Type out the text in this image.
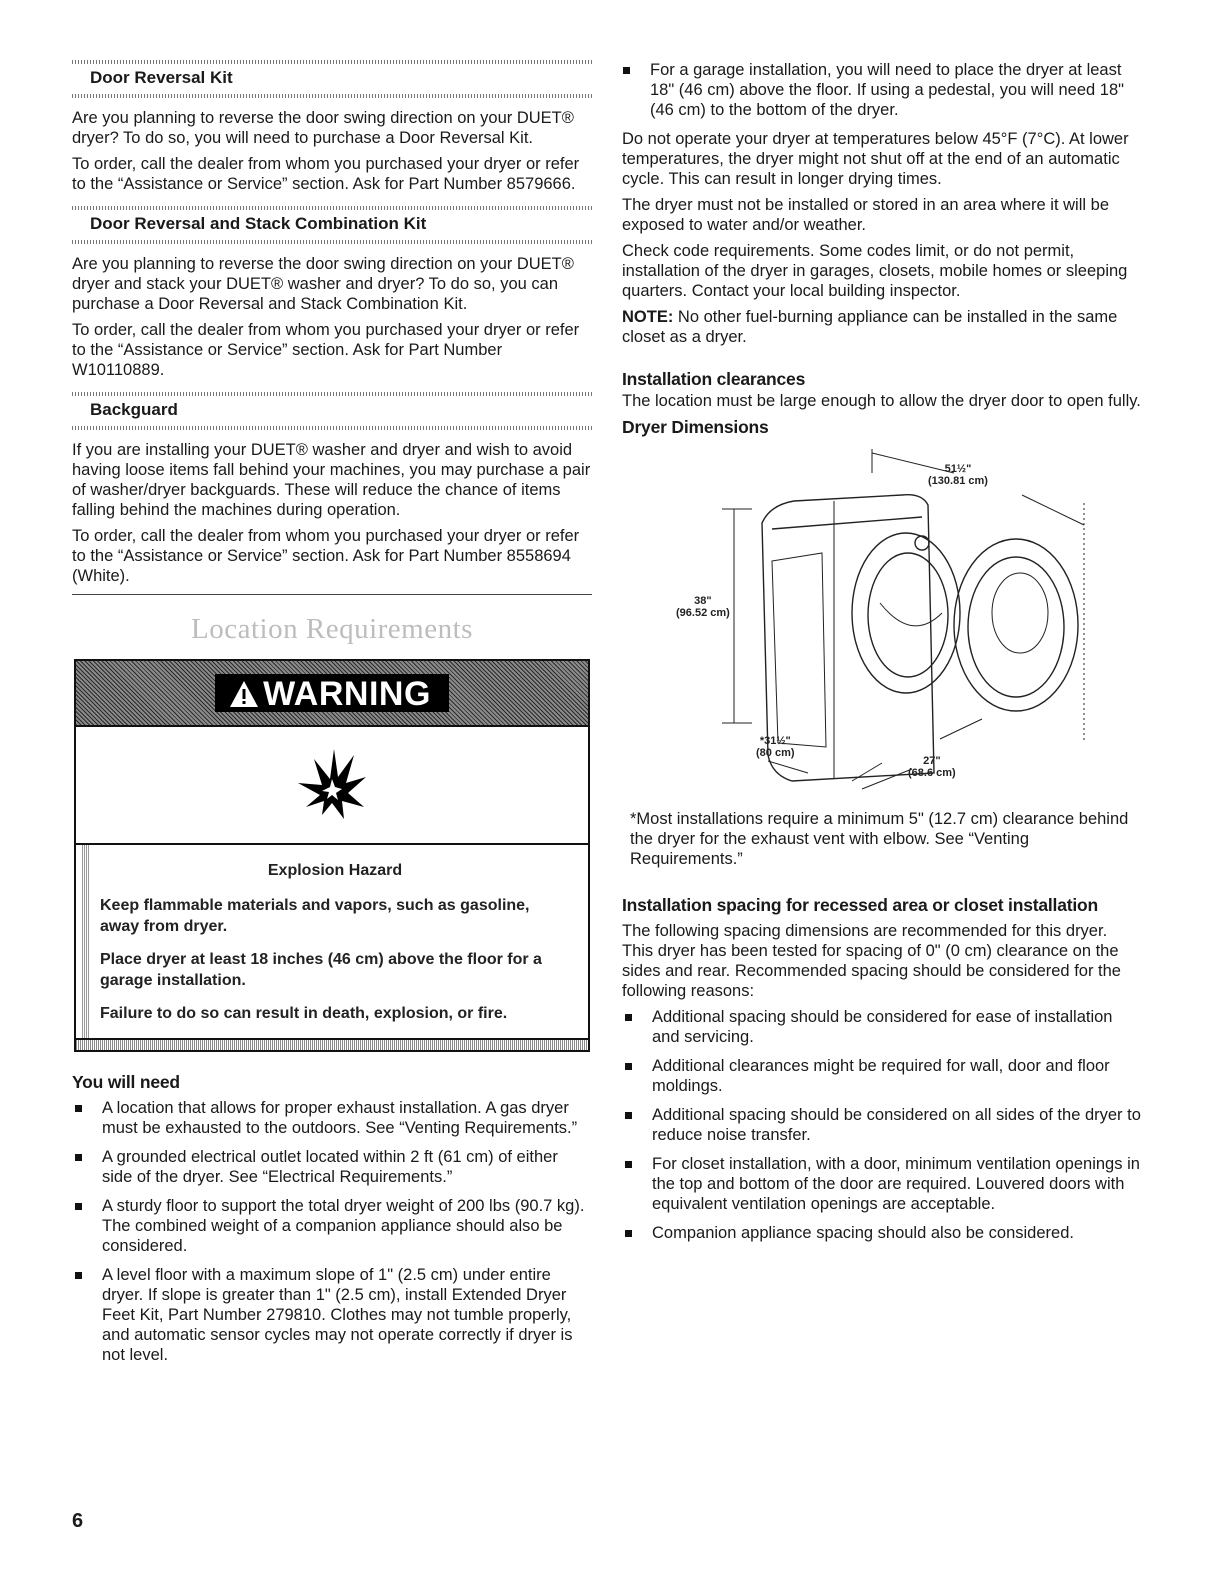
Door Reversal Kit

Are you planning to reverse the door swing direction on your DUET® dryer? To do so, you will need to purchase a Door Reversal Kit.

To order, call the dealer from whom you purchased your dryer or refer to the “Assistance or Service” section. Ask for Part Number 8579666.

Door Reversal and Stack Combination Kit

Are you planning to reverse the door swing direction on your DUET® dryer and stack your DUET® washer and dryer? To do so, you can purchase a Door Reversal and Stack Combination Kit.

To order, call the dealer from whom you purchased your dryer or refer to the “Assistance or Service” section. Ask for Part Number W10110889.

Backguard

If you are installing your DUET® washer and dryer and wish to avoid having loose items fall behind your machines, you may purchase a pair of washer/dryer backguards. These will reduce the chance of items falling behind the machines during operation.

To order, call the dealer from whom you purchased your dryer or refer to the “Assistance or Service” section. Ask for Part Number 8558694 (White).

Location Requirements
WARNING
Explosion Hazard

Keep flammable materials and vapors, such as gasoline, away from dryer.

Place dryer at least 18 inches (46 cm) above the floor for a garage installation.

Failure to do so can result in death, explosion, or fire.

You will need
A location that allows for proper exhaust installation. A gas dryer must be exhausted to the outdoors. See “Venting Requirements.”
A grounded electrical outlet located within 2 ft (61 cm) of either side of the dryer. See “Electrical Requirements.”
A sturdy floor to support the total dryer weight of 200 lbs (90.7 kg). The combined weight of a companion appliance should also be considered.
A level floor with a maximum slope of 1" (2.5 cm) under entire dryer. If slope is greater than 1" (2.5 cm), install Extended Dryer Feet Kit, Part Number 279810. Clothes may not tumble properly, and automatic sensor cycles may not operate correctly if dryer is not level.
For a garage installation, you will need to place the dryer at least 18" (46 cm) above the floor. If using a pedestal, you will need 18" (46 cm) to the bottom of the dryer.

Do not operate your dryer at temperatures below 45°F (7°C). At lower temperatures, the dryer might not shut off at the end of an automatic cycle. This can result in longer drying times.

The dryer must not be installed or stored in an area where it will be exposed to water and/or weather.

Check code requirements. Some codes limit, or do not permit, installation of the dryer in garages, closets, mobile homes or sleeping quarters. Contact your local building inspector.

NOTE: No other fuel-burning appliance can be installed in the same closet as a dryer.

Installation clearances

The location must be large enough to allow the dryer door to open fully.

Dryer Dimensions
51½"
(130.81 cm)
38"
(96.52 cm)
*31½"
(80 cm)
27"
(68.6 cm)

*Most installations require a minimum 5" (12.7 cm) clearance behind the dryer for the exhaust vent with elbow. See “Venting Requirements.”

Installation spacing for recessed area or closet installation

The following spacing dimensions are recommended for this dryer. This dryer has been tested for spacing of 0" (0 cm) clearance on the sides and rear. Recommended spacing should be considered for the following reasons:

Additional spacing should be considered for ease of installation and servicing.
Additional clearances might be required for wall, door and floor moldings.
Additional spacing should be considered on all sides of the dryer to reduce noise transfer.
For closet installation, with a door, minimum ventilation openings in the top and bottom of the door are required. Louvered doors with equivalent ventilation openings are acceptable.
Companion appliance spacing should also be considered.
6
